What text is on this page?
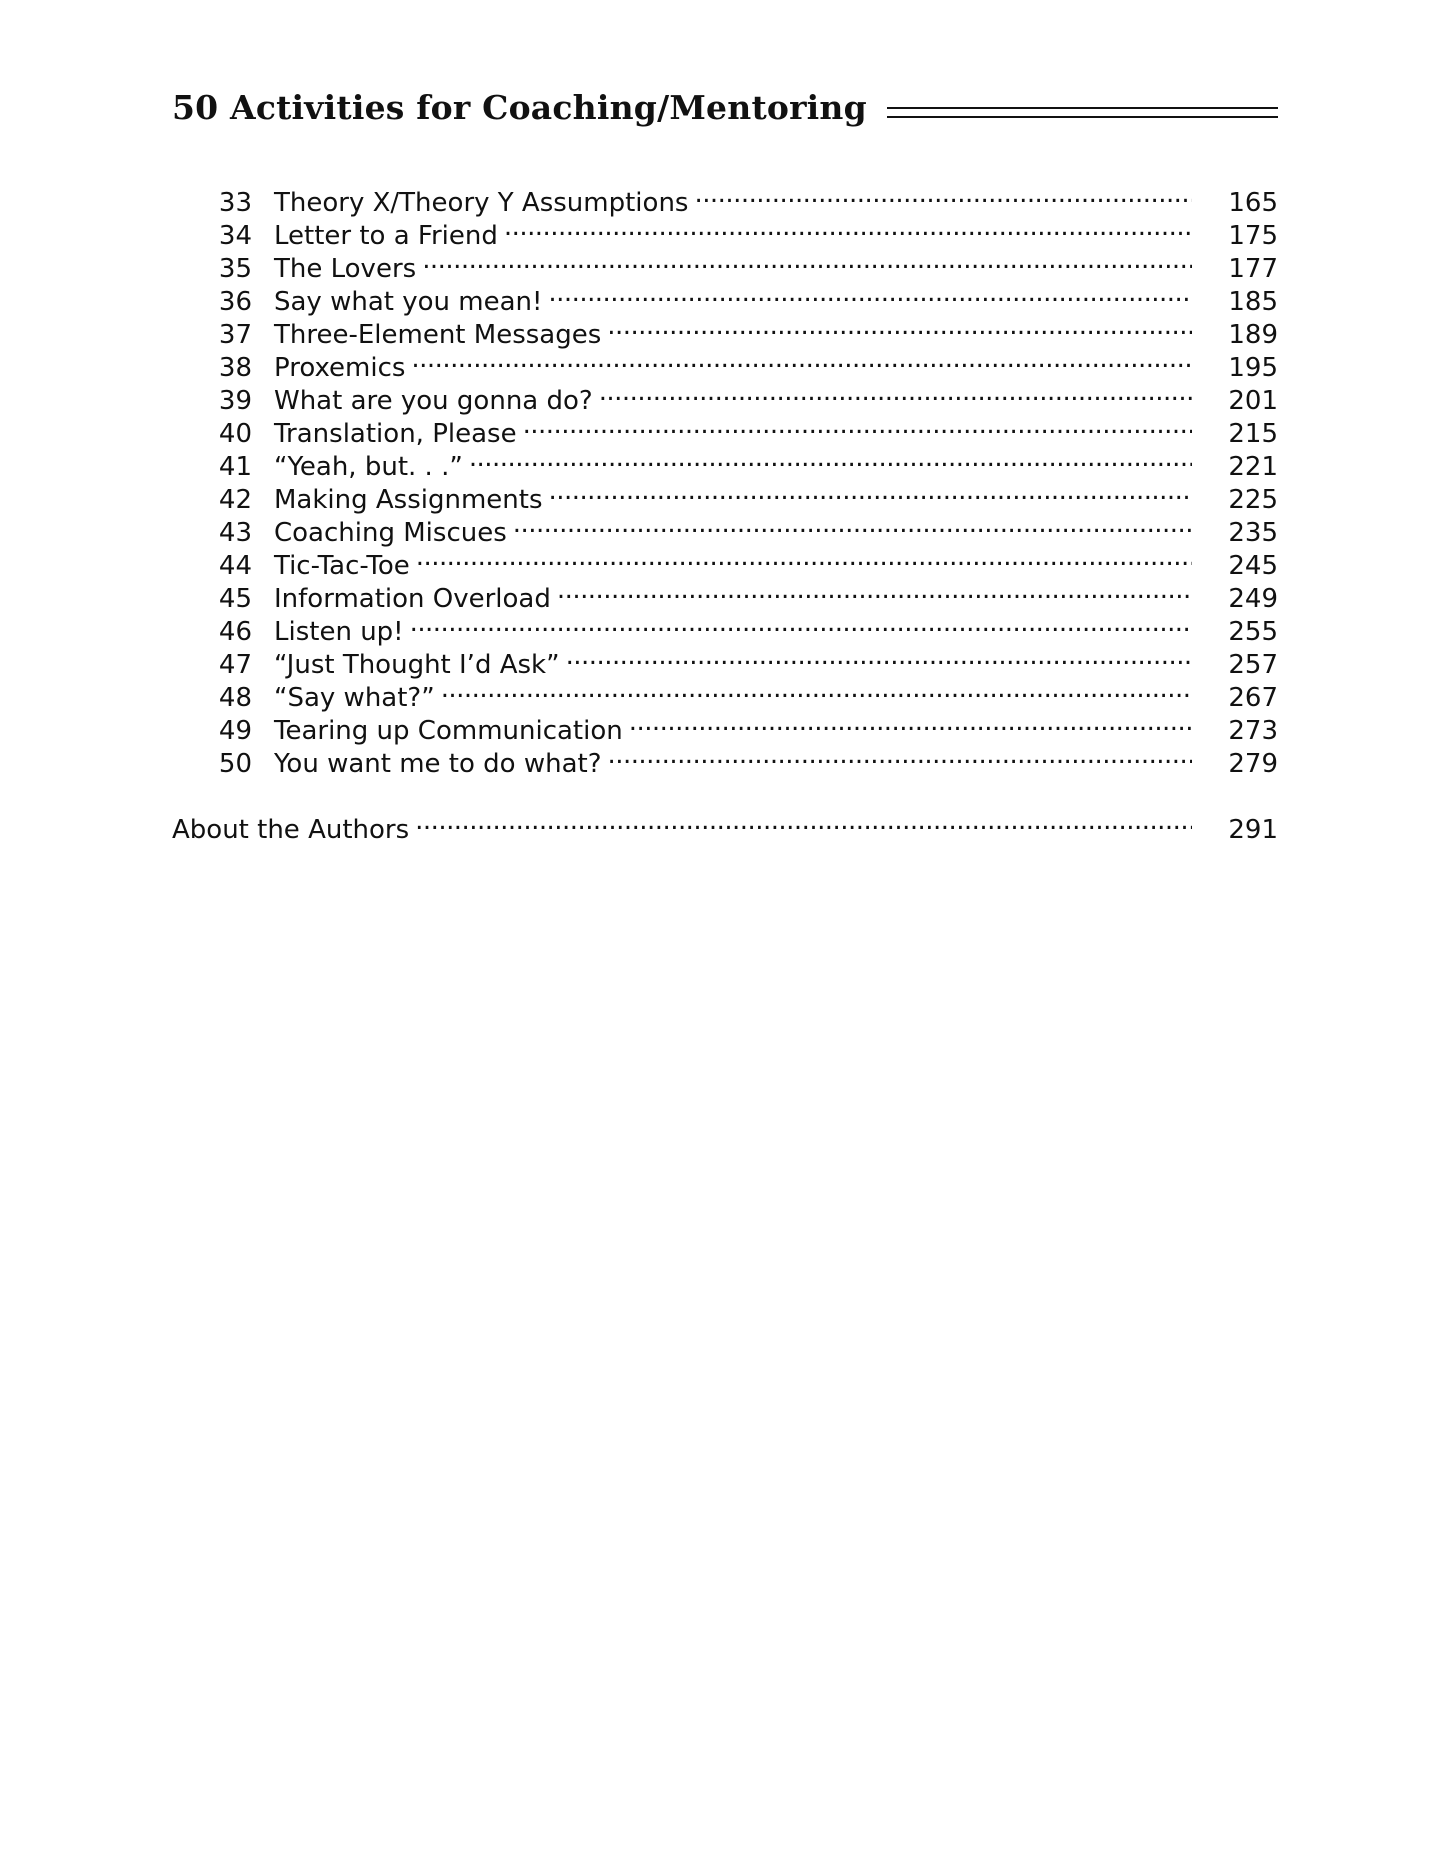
50 Activities for Coaching/Mentoring
33 Theory X/Theory Y Assumptions . . .	165
34 Letter to a Friend . . .	175
35 The Lovers . . .	177
36 Say what you mean! . . .	185
37 Three-Element Messages . . .	189
38 Proxemics . . .	195
39 What are you gonna do? . . .	201
40 Translation, Please . . .	215
41 “Yeah, but. . .” . . .	221
42 Making Assignments . . .	225
43 Coaching Miscues . . .	235
44 Tic-Tac-Toe . . .	245
45 Information Overload . . .	249
46 Listen up! . . .	255
47 “Just Thought I’d Ask” . . .	257
48 “Say what?” . . .	267
49 Tearing up Communication . . .	273
50 You want me to do what? . . .	279
About the Authors . . .	291
